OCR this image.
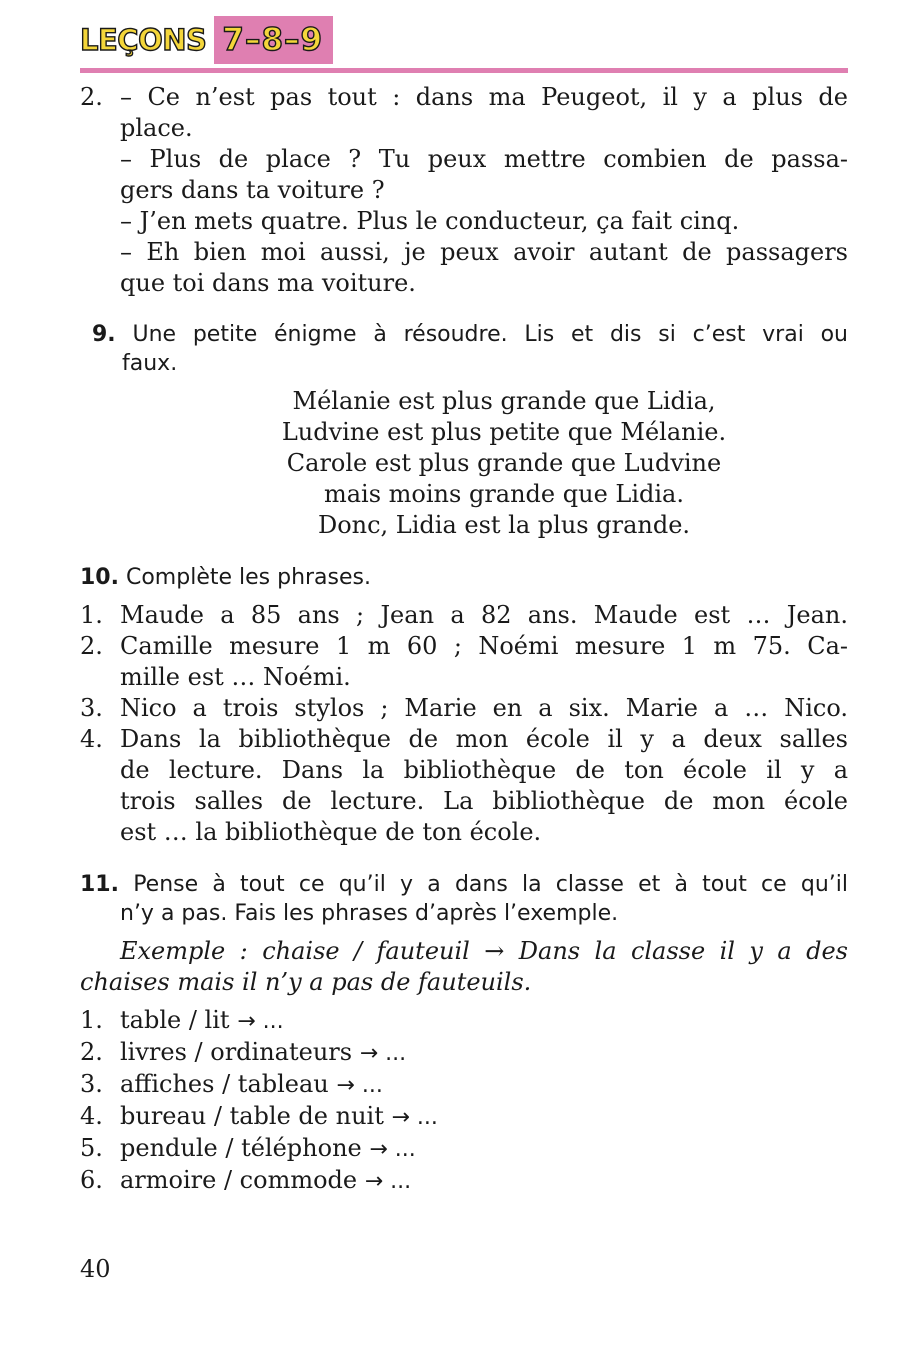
LEÇONS 7–8–9
2. – Ce n’est pas tout : dans ma Peugeot, il y a plus de
place.
– Plus de place ? Tu peux mettre combien de passa-
gers dans ta voiture ?
– J’en mets quatre. Plus le conducteur, ça fait cinq.
– Eh bien moi aussi, je peux avoir autant de passagers
que toi dans ma voiture.
9. Une petite énigme à résoudre. Lis et dis si c’est vrai ou
faux.
Mélanie est plus grande que Lidia,
Ludvine est plus petite que Mélanie.
Carole est plus grande que Ludvine
mais moins grande que Lidia.
Donc, Lidia est la plus grande.
10. Complète les phrases.
1. Maude a 85 ans ; Jean a 82 ans. Maude est … Jean.
2. Camille mesure 1 m 60 ; Noémi mesure 1 m 75. Ca-
mille est … Noémi.
3. Nico a trois stylos ; Marie en a six. Marie a … Nico.
4. Dans la bibliothèque de mon école il y a deux salles
de lecture. Dans la bibliothèque de ton école il y a
trois salles de lecture. La bibliothèque de mon école
est … la bibliothèque de ton école.
11. Pense à tout ce qu’il y a dans la classe et à tout ce qu’il
n’y a pas. Fais les phrases d’après l’exemple.
Exemple : chaise / fauteuil → Dans la classe il y a des
chaises mais il n’y a pas de fauteuils.
1. table / lit → ...
2. livres / ordinateurs → ...
3. affiches / tableau → ...
4. bureau / table de nuit → ...
5. pendule / téléphone → ...
6. armoire / commode → ...
40
